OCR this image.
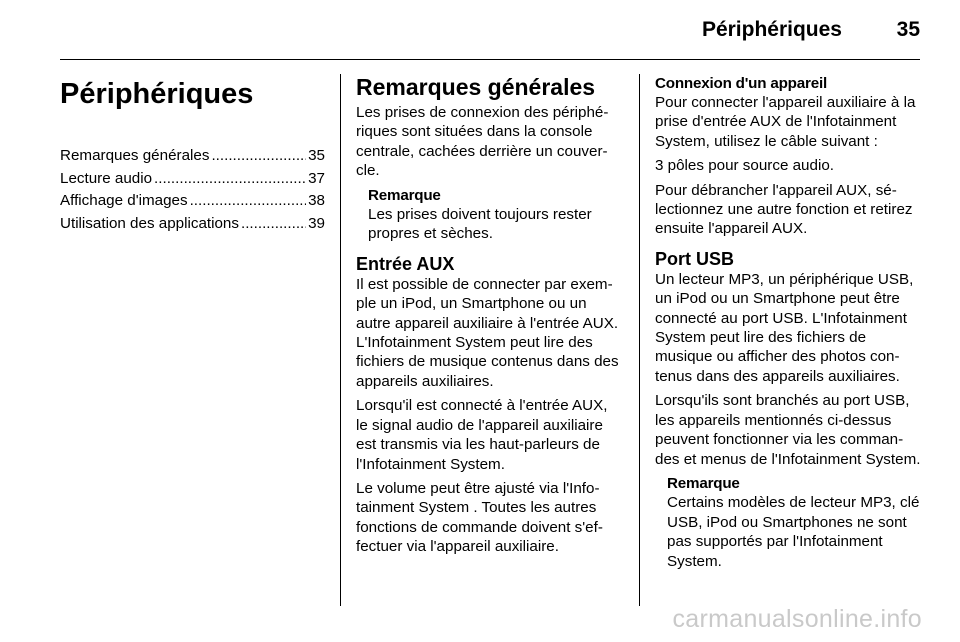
Périphériques	35
Périphériques
Remarques générales .....	35
Lecture audio .....	37
Affichage d'images .....	38
Utilisation des applications .....	39
Remarques générales

Les prises de connexion des périphériques sont situées dans la console centrale, cachées derrière un couvercle.

Remarque
Les prises doivent toujours rester propres et sèches.
Entrée AUX

Il est possible de connecter par exemple un iPod, un Smartphone ou un autre appareil auxiliaire à l'entrée AUX. L'Infotainment System peut lire des fichiers de musique contenus dans des appareils auxiliaires.

Lorsqu'il est connecté à l'entrée AUX, le signal audio de l'appareil auxiliaire est transmis via les haut-parleurs de l'Infotainment System.

Le volume peut être ajusté via l'Infotainment System . Toutes les autres fonctions de commande doivent s'effectuer via l'appareil auxiliaire.

Connexion d'un appareil

Pour connecter l'appareil auxiliaire à la prise d'entrée AUX de l'Infotainment System, utilisez le câble suivant :

3 pôles pour source audio.

Pour débrancher l'appareil AUX, sélectionnez une autre fonction et retirez ensuite l'appareil AUX.

Port USB

Un lecteur MP3, un périphérique USB, un iPod ou un Smartphone peut être connecté au port USB. L'Infotainment System peut lire des fichiers de musique ou afficher des photos contenus dans des appareils auxiliaires.

Lorsqu'ils sont branchés au port USB, les appareils mentionnés ci-dessus peuvent fonctionner via les commandes et menus de l'Infotainment System.

Remarque
Certains modèles de lecteur MP3, clé USB, iPod ou Smartphones ne sont pas supportés par l'Infotainment System.
carmanualsonline.info
